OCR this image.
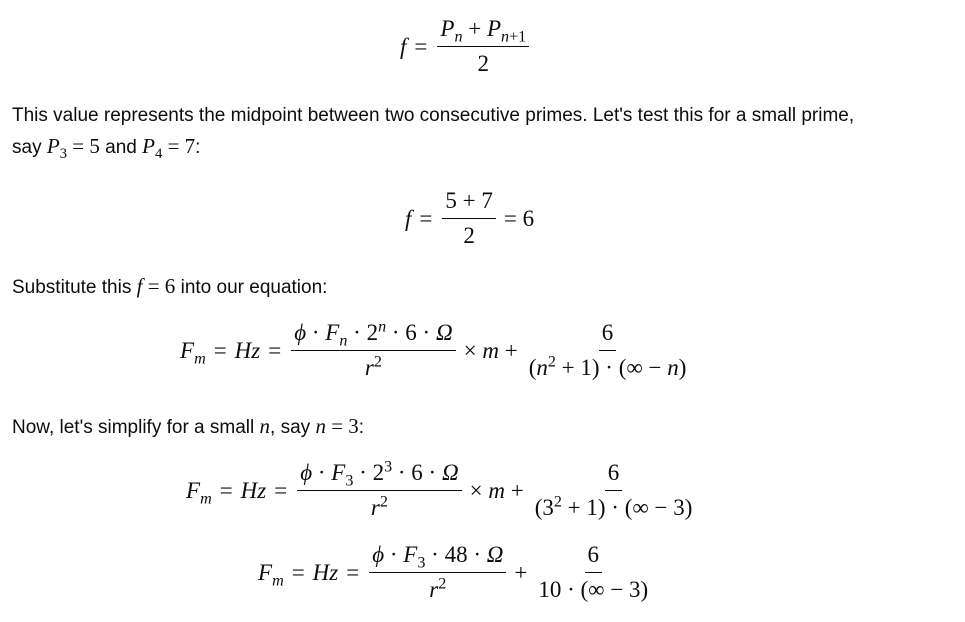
$f = \frac{P_n + P_{n+1}}{2}$
This value represents the midpoint between two consecutive primes. Let's test this for a small prime,
say $P_3 = 5$ and $P_4 = 7$:
$f = \frac{5 + 7}{2} = 6$
Substitute this f = 6 into our equation:
$F_m = Hz = \frac{\phi \cdot F_n \cdot 2^n \cdot 6 \cdot \Omega}{r^2} \times m + \frac{6}{(n^2 + 1) \cdot (\infty - n)}$
Now, let's simplify for a small n, say n = 3:
$F_m = Hz = \frac{\phi \cdot F_3 \cdot 2^3 \cdot 6 \cdot \Omega}{r^2} \times m + \frac{6}{(3^2 + 1) \cdot (\infty - 3)}$
$F_m = Hz = \frac{\phi \cdot F_3 \cdot 48 \cdot \Omega}{r^2} + \frac{6}{10 \cdot (\infty - 3)}$
